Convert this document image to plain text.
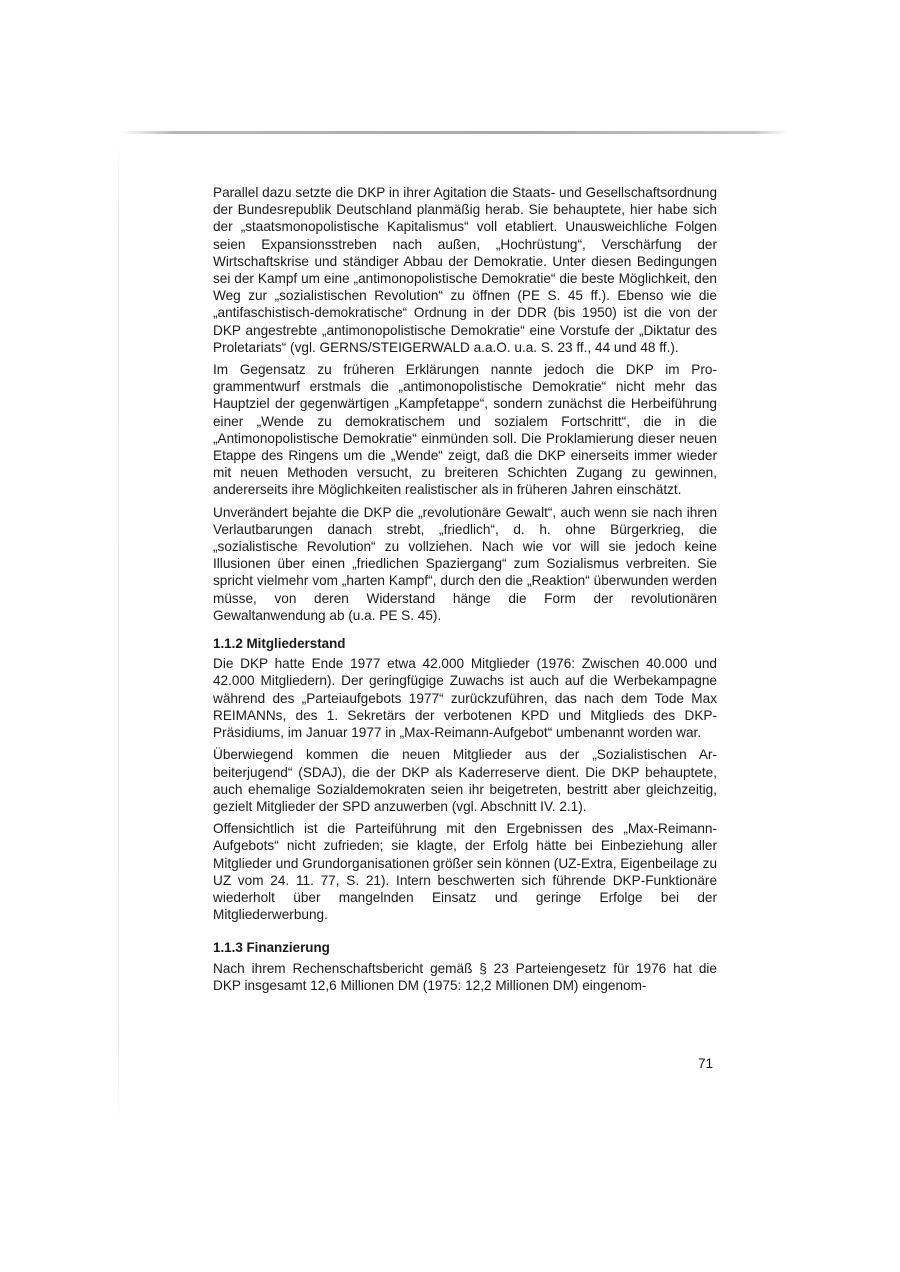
Parallel dazu setzte die DKP in ihrer Agitation die Staats- und Gesellschaftsordnung der Bundesrepublik Deutschland planmäßig herab. Sie behauptete, hier habe sich der „staatsmonopolistische Kapitalismus“ voll etabliert. Unausweichliche Folgen seien Expansionsstreben nach außen, „Hochrüstung“, Verschärfung der Wirtschaftskrise und ständiger Abbau der Demokratie. Unter diesen Bedingungen sei der Kampf um eine „antimonopolistische Demokratie“ die beste Möglichkeit, den Weg zur „sozialistischen Revolution“ zu öffnen (PE S. 45 ff.). Ebenso wie die „antifaschistisch-demokratische“ Ordnung in der DDR (bis 1950) ist die von der DKP angestrebte „antimonopolistische Demokratie“ eine Vorstufe der „Diktatur des Proletariats“ (vgl. GERNS/STEIGERWALD a.a.O. u.a. S. 23 ff., 44 und 48 ff.).

Im Gegensatz zu früheren Erklärungen nannte jedoch die DKP im Programmentwurf erstmals die „antimonopolistische Demokratie“ nicht mehr das Hauptziel der gegenwärtigen „Kampfetappe“, sondern zunächst die Herbeiführung einer „Wende zu demokratischem und sozialem Fortschritt“, die in die „Antimonopolistische Demokratie“ einmünden soll. Die Proklamierung dieser neuen Etappe des Ringens um die „Wende“ zeigt, daß die DKP einerseits immer wieder mit neuen Methoden versucht, zu breiteren Schichten Zugang zu gewinnen, andererseits ihre Möglichkeiten realistischer als in früheren Jahren einschätzt.

Unverändert bejahte die DKP die „revolutionäre Gewalt“, auch wenn sie nach ihren Verlautbarungen danach strebt, „friedlich“, d. h. ohne Bürgerkrieg, die „sozialistische Revolution“ zu vollziehen. Nach wie vor will sie jedoch keine Illusionen über einen „friedlichen Spaziergang“ zum Sozialismus verbreiten. Sie spricht vielmehr vom „harten Kampf“, durch den die „Reaktion“ überwunden werden müsse, von deren Widerstand hänge die Form der revolutionären Gewaltanwendung ab (u.a. PE S. 45).

1.1.2 Mitgliederstand

Die DKP hatte Ende 1977 etwa 42.000 Mitglieder (1976: Zwischen 40.000 und 42.000 Mitgliedern). Der geringfügige Zuwachs ist auch auf die Werbekampagne während des „Parteiaufgebots 1977“ zurückzuführen, das nach dem Tode Max REIMANNs, des 1. Sekretärs der verbotenen KPD und Mitglieds des DKP-Präsidiums, im Januar 1977 in „Max-Reimann-Aufgebot“ umbenannt worden war.

Überwiegend kommen die neuen Mitglieder aus der „Sozialistischen Arbeiterjugend“ (SDAJ), die der DKP als Kaderreserve dient. Die DKP behauptete, auch ehemalige Sozialdemokraten seien ihr beigetreten, bestritt aber gleichzeitig, gezielt Mitglieder der SPD anzuwerben (vgl. Abschnitt IV. 2.1).

Offensichtlich ist die Parteiführung mit den Ergebnissen des „Max-Reimann-Aufgebots“ nicht zufrieden; sie klagte, der Erfolg hätte bei Einbeziehung aller Mitglieder und Grundorganisationen größer sein können (UZ-Extra, Eigenbeilage zu UZ vom 24. 11. 77, S. 21). Intern beschwerten sich führende DKP-Funktionäre wiederholt über mangelnden Einsatz und geringe Erfolge bei der Mitgliederwerbung.

1.1.3 Finanzierung

Nach ihrem Rechenschaftsbericht gemäß § 23 Parteiengesetz für 1976 hat die DKP insgesamt 12,6 Millionen DM (1975: 12,2 Millionen DM) eingenom-

71
